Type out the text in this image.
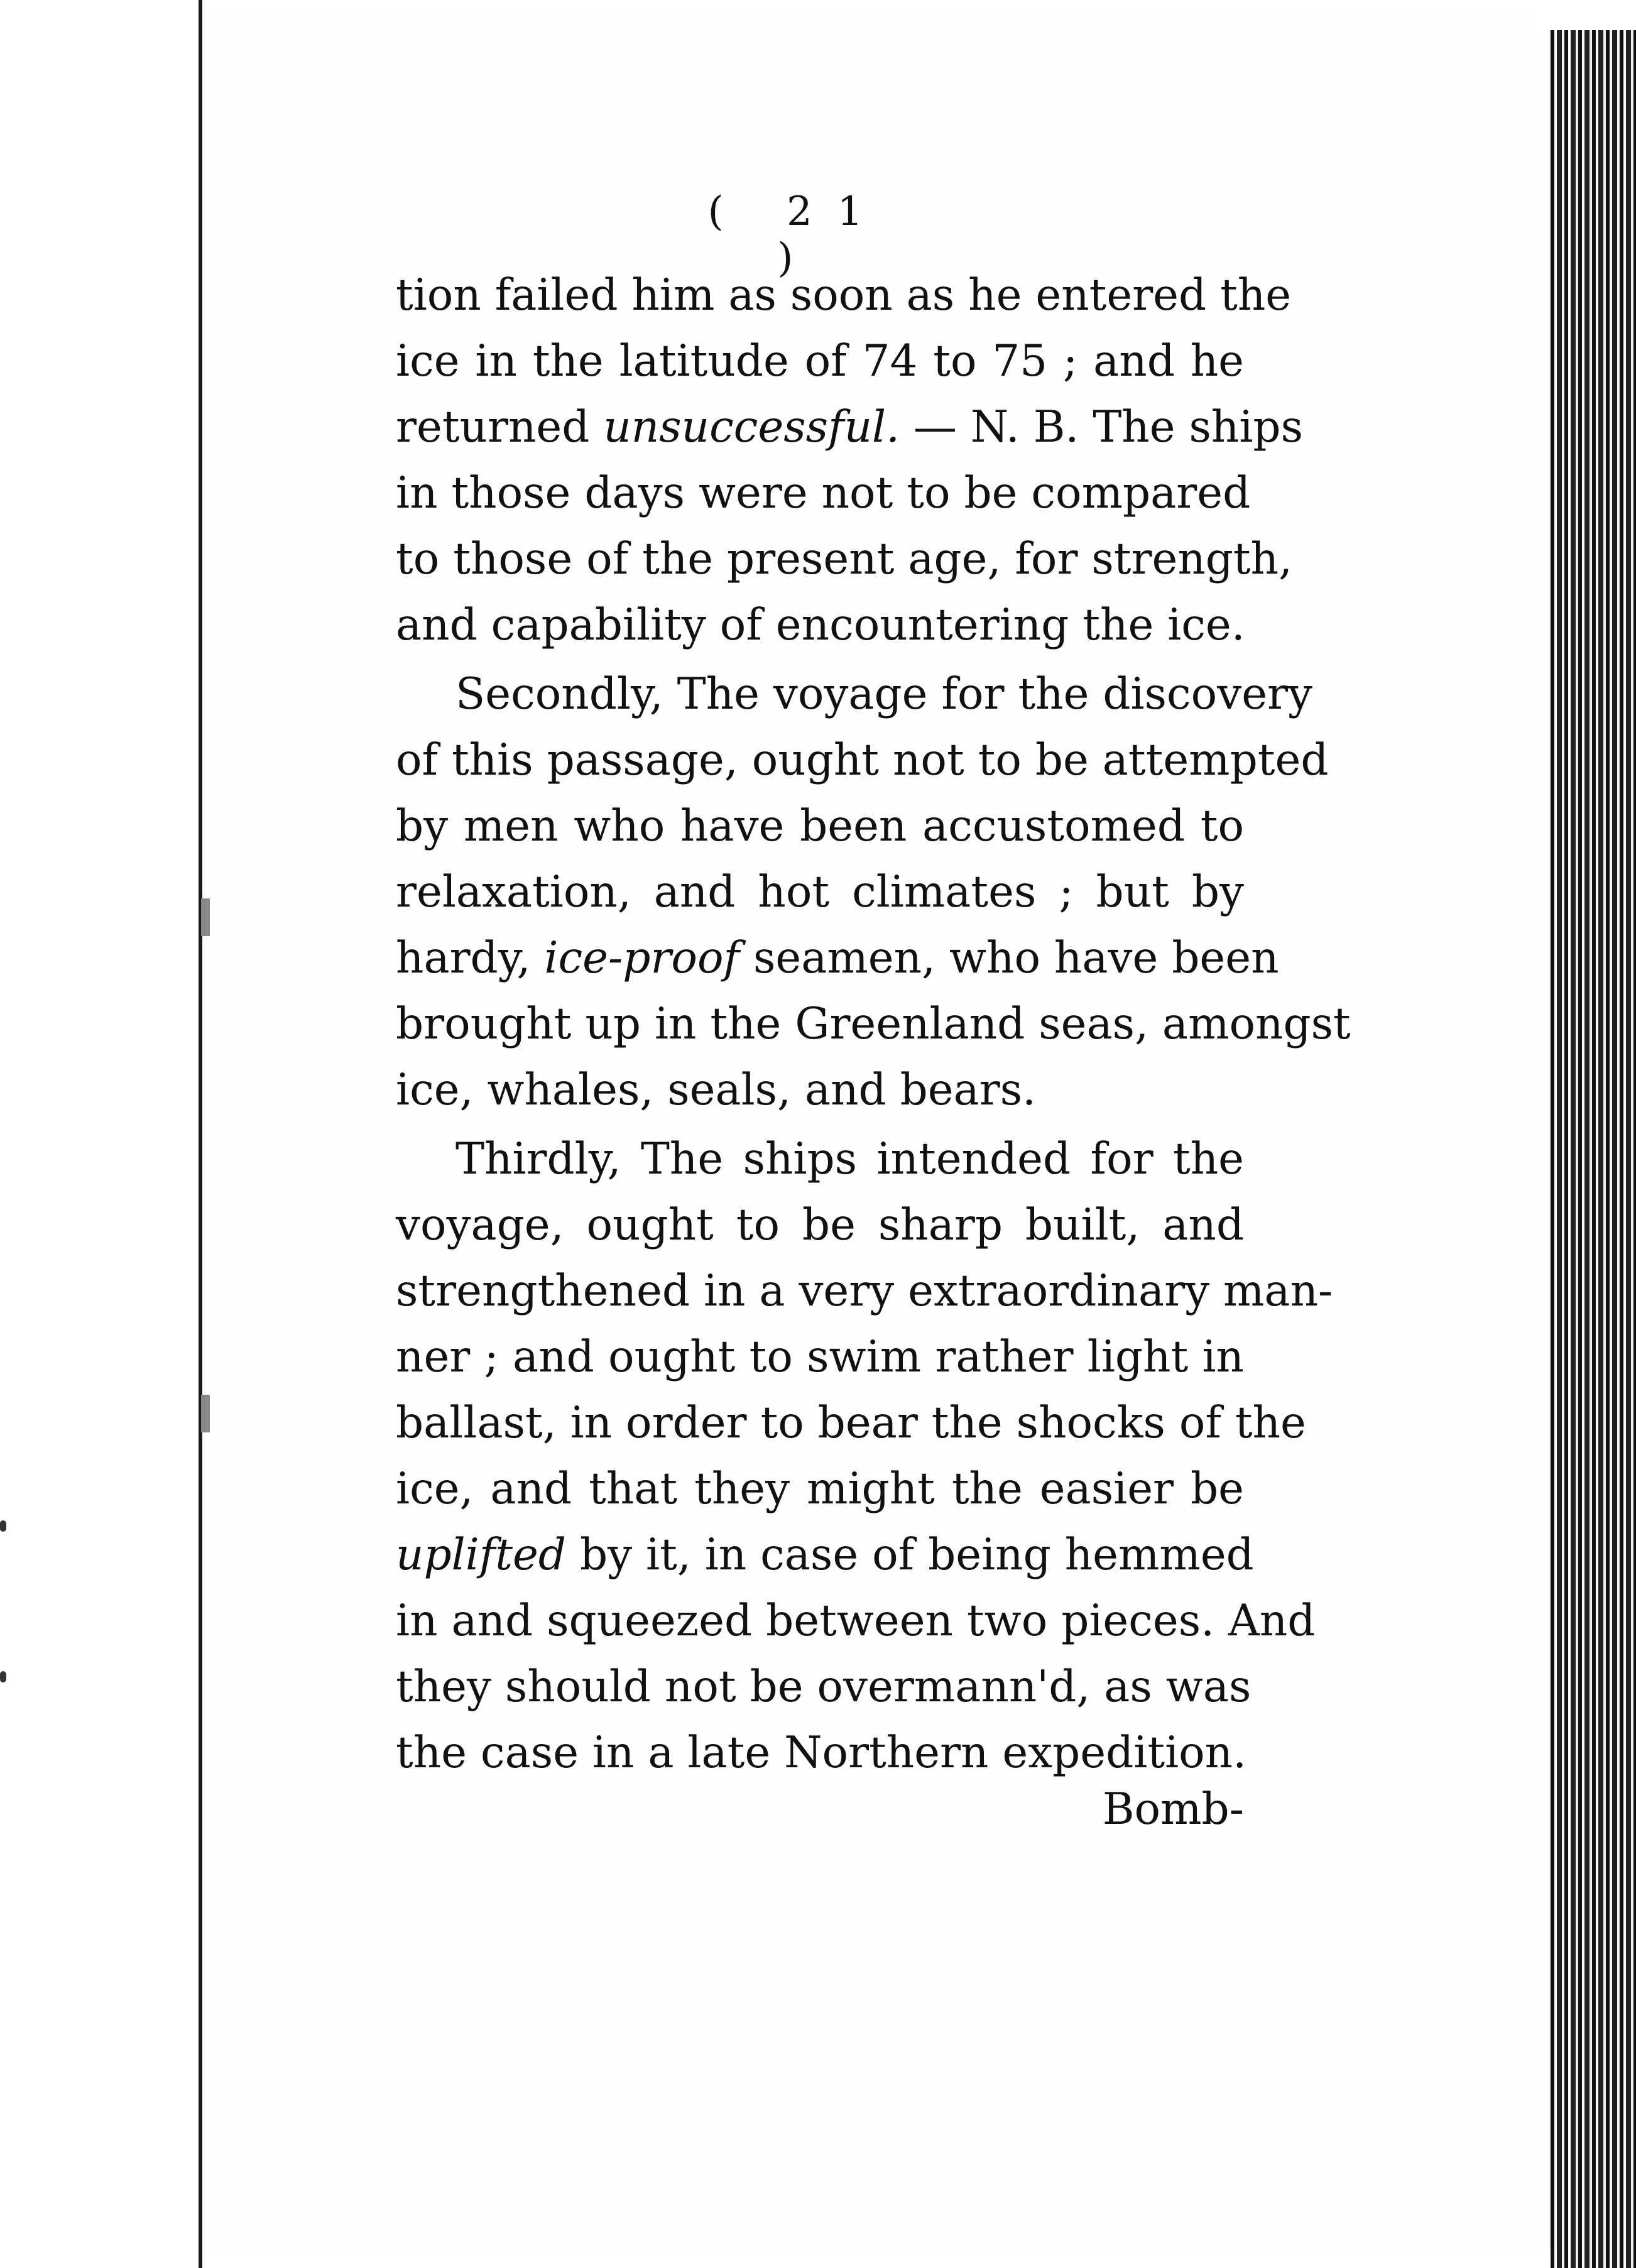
( 21 )
tion failed him as soon as he entered the
ice in the latitude of 74 to 75 ; and he
returned unsuccessful. — N. B. The ships
in those days were not to be compared
to those of the present age, for strength,
and capability of encountering the ice.
Secondly, The voyage for the discovery
of this passage, ought not to be attempted
by men who have been accustomed to
relaxation, and hot climates ; but by
hardy, ice-proof seamen, who have been
brought up in the Greenland seas, amongst
ice, whales, seals, and bears.
Thirdly, The ships intended for the
voyage, ought to be sharp built, and
strengthened in a very extraordinary man-
ner ; and ought to swim rather light in
ballast, in order to bear the shocks of the
ice, and that they might the easier be
uplifted by it, in case of being hemmed
in and squeezed between two pieces. And
they should not be overmann'd, as was
the case in a late Northern expedition.
Bomb-
